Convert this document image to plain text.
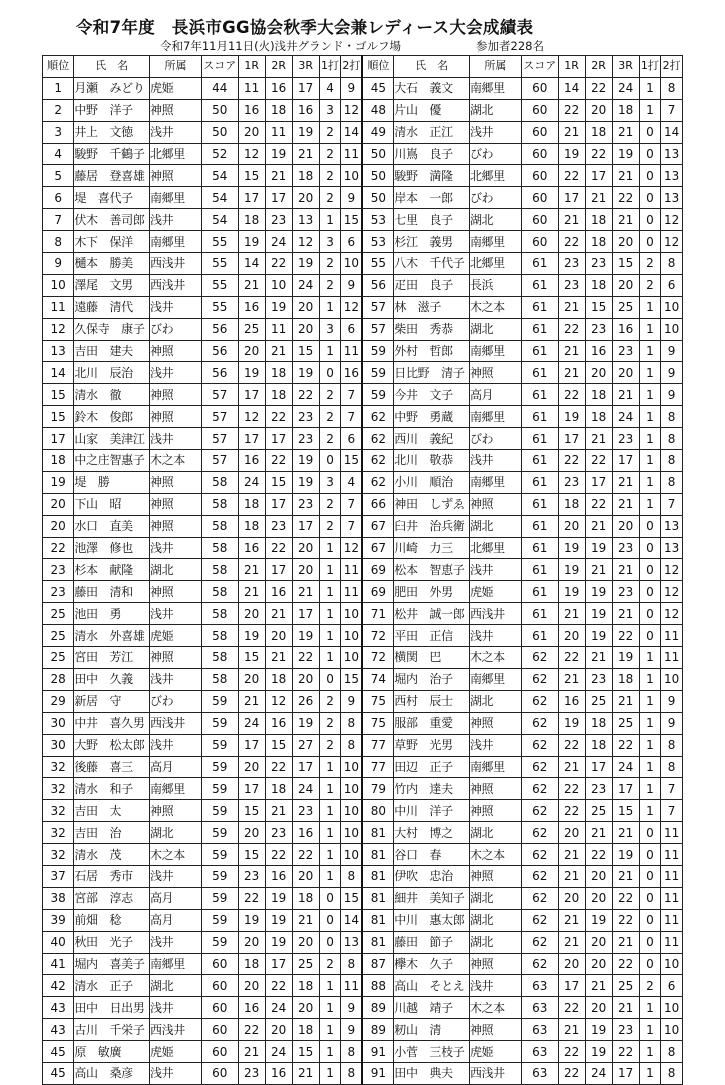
令和7年度　長浜市GG協会秋季大会兼レディース大会成績表
令和7年11月11日(火)浅井グランド・ゴルフ場	参加者228名
順位	氏　名	所属	スコア	1R	2R	3R	1打	2打	順位	氏　名	所属	スコア	1R	2R	3R	1打	2打
1	月瀬　みどり	虎姫	44	11	16	17	4	9	45	大石　義文	南郷里	60	14	22	24	1	8
2	中野　洋子	神照	50	16	18	16	3	12	48	片山　優	湖北	60	22	20	18	1	7
3	井上　文徳	浅井	50	20	11	19	2	14	49	清水　正江	浅井	60	21	18	21	0	14
4	駿野　千鶴子	北郷里	52	12	19	21	2	11	50	川嶌　良子	びわ	60	19	22	19	0	13
5	藤居　登喜雄	神照	54	15	21	18	2	10	50	駿野　満隆	北郷里	60	22	17	21	0	13
6	堤　喜代子	南郷里	54	17	17	20	2	9	50	岸本　一郎	びわ	60	17	21	22	0	13
7	伏木　善司郎	浅井	54	18	23	13	1	15	53	七里　良子	湖北	60	21	18	21	0	12
8	木下　保洋	南郷里	55	19	24	12	3	6	53	杉江　義男	南郷里	60	22	18	20	0	12
9	樋本　勝美	西浅井	55	14	22	19	2	10	55	八木　千代子	北郷里	61	23	23	15	2	8
10	澤尾　文男	西浅井	55	21	10	24	2	9	56	疋田　良子	長浜	61	23	18	20	2	6
11	遠藤　清代	浅井	55	16	19	20	1	12	57	林　滋子	木之本	61	21	15	25	1	10
12	久保寺　康子	びわ	56	25	11	20	3	6	57	柴田　秀恭	湖北	61	22	23	16	1	10
13	吉田　建夫	神照	56	20	21	15	1	11	59	外村　哲郎	南郷里	61	21	16	23	1	9
14	北川　辰治	浅井	56	19	18	19	0	16	59	日比野　清子	神照	61	21	20	20	1	9
15	清水　徹	神照	57	17	18	22	2	7	59	今井　文子	高月	61	22	18	21	1	9
15	鈴木　俊郎	神照	57	12	22	23	2	7	62	中野　勇蔵	南郷里	61	19	18	24	1	8
17	山家　美津江	浅井	57	17	17	23	2	6	62	西川　義紀	びわ	61	17	21	23	1	8
18	中之庄智惠子	木之本	57	16	22	19	0	15	62	北川　敬恭	浅井	61	22	22	17	1	8
19	堤　勝	神照	58	24	15	19	3	4	62	小川　順治	南郷里	61	23	17	21	1	8
20	下山　昭	神照	58	18	17	23	2	7	66	神田　しずゑ	神照	61	18	22	21	1	7
20	水口　直美	神照	58	18	23	17	2	7	67	臼井　治兵衛	湖北	61	20	21	20	0	13
22	池澤　修也	浅井	58	16	22	20	1	12	67	川崎　力三	北郷里	61	19	19	23	0	13
23	杉本　献隆	湖北	58	21	17	20	1	11	69	松本　智恵子	浅井	61	19	21	21	0	12
23	藤田　清和	神照	58	21	16	21	1	11	69	肥田　外男	虎姫	61	19	19	23	0	12
25	池田　勇	浅井	58	20	21	17	1	10	71	松井　誠一郎	西浅井	61	21	19	21	0	12
25	清水　外喜雄	虎姫	58	19	20	19	1	10	72	平田　正信	浅井	61	20	19	22	0	11
25	宮田　芳江	神照	58	15	21	22	1	10	72	横関　巴	木之本	62	22	21	19	1	11
28	田中　久義	浅井	58	20	18	20	0	15	74	堀内　治子	南郷里	62	21	23	18	1	10
29	新居　守	びわ	59	21	12	26	2	9	75	西村　辰士	湖北	62	16	25	21	1	9
30	中井　喜久男	西浅井	59	24	16	19	2	8	75	服部　重愛	神照	62	19	18	25	1	9
30	大野　松太郎	浅井	59	17	15	27	2	8	77	草野　光男	浅井	62	22	18	22	1	8
32	後藤　喜三	高月	59	20	22	17	1	10	77	田辺　正子	南郷里	62	21	17	24	1	8
32	清水　和子	南郷里	59	17	18	24	1	10	79	竹内　達夫	神照	62	22	23	17	1	7
32	吉田　太	神照	59	15	21	23	1	10	80	中川　洋子	神照	62	22	25	15	1	7
32	吉田　治	湖北	59	20	23	16	1	10	81	大村　博之	湖北	62	20	21	21	0	11
32	清水　茂	木之本	59	15	22	22	1	10	81	谷口　春	木之本	62	21	22	19	0	11
37	石居　秀市	浅井	59	23	16	20	1	8	81	伊吹　忠治	神照	62	21	20	21	0	11
38	宮部　淳志	高月	59	22	19	18	0	15	81	細井　美知子	湖北	62	20	20	22	0	11
39	前畑　稔	高月	59	19	19	21	0	14	81	中川　惠太郎	湖北	62	21	19	22	0	11
40	秋田　光子	浅井	59	20	19	20	0	13	81	藤田　節子	湖北	62	21	20	21	0	11
41	堀内　喜美子	南郷里	60	18	17	25	2	8	87	欅木　久子	神照	62	20	20	22	0	10
42	清水　正子	湖北	60	20	22	18	1	11	88	高山　そとえ	浅井	63	17	21	25	2	6
43	田中　日出男	浅井	60	16	24	20	1	9	89	川越　靖子	木之本	63	22	20	21	1	10
43	古川　千栄子	西浅井	60	22	20	18	1	9	89	籾山　清	神照	63	21	19	23	1	10
45	原　敏廣	虎姫	60	21	24	15	1	8	91	小菅　三枝子	虎姫	63	22	19	22	1	8
45	高山　桑彦	浅井	60	23	16	21	1	8	91	田中　典夫	西浅井	63	22	24	17	1	8
